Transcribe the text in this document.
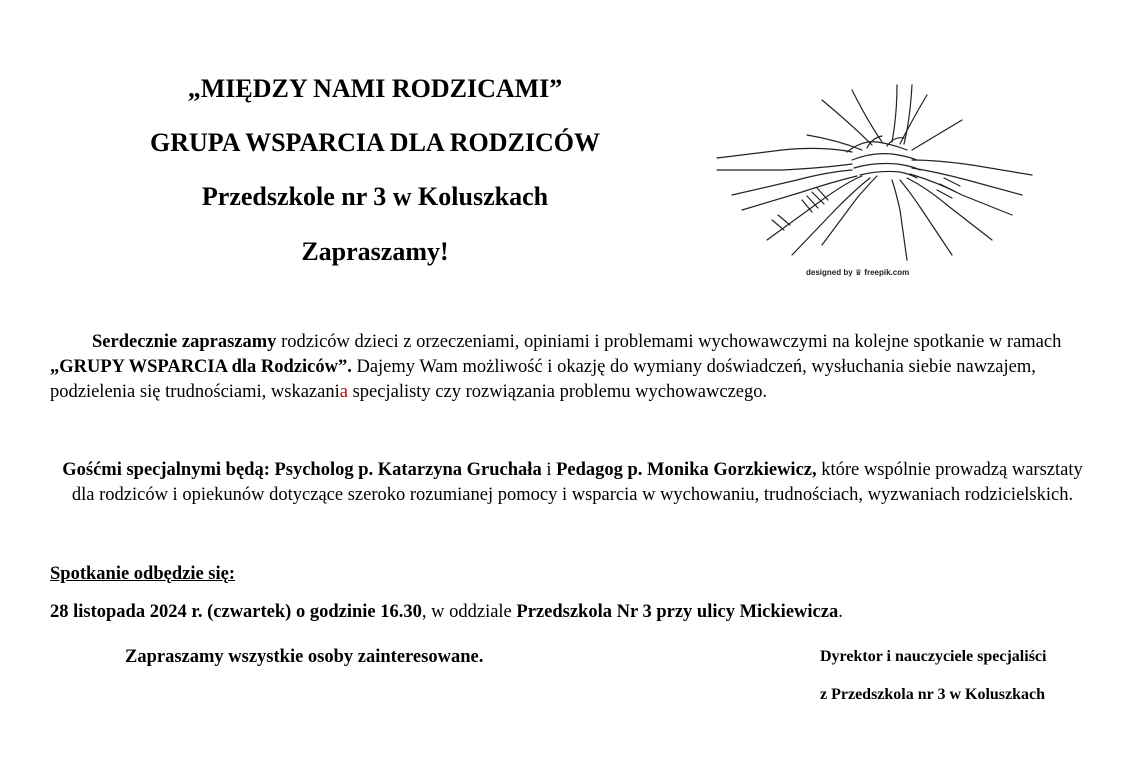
„MIĘDZY NAMI RODZICAMI”
GRUPA WSPARCIA DLA RODZICÓW
Przedszkole nr 3 w Koluszkach
Zapraszamy!
designed by ♛ freepik.com
Serdecznie zapraszamy rodziców dzieci z orzeczeniami, opiniami i problemami wychowawczymi na kolejne spotkanie w ramach „GRUPY WSPARCIA dla Rodziców”. Dajemy Wam możliwość i okazję do wymiany doświadczeń, wysłuchania siebie nawzajem, podzielenia się trudnościami, wskazania specjalisty czy rozwiązania problemu wychowawczego.
Gośćmi specjalnymi będą: Psycholog p. Katarzyna Gruchała i Pedagog p. Monika Gorzkiewicz, które wspólnie prowadzą warsztaty dla rodziców i opiekunów dotyczące szeroko rozumianej pomocy i wsparcia w wychowaniu, trudnościach, wyzwaniach rodzicielskich.
Spotkanie odbędzie się:
28 listopada 2024 r. (czwartek) o godzinie 16.30, w oddziale Przedszkola Nr 3 przy ulicy Mickiewicza.
Zapraszamy wszystkie osoby zainteresowane.	Dyrektor i nauczyciele specjaliści
z Przedszkola nr 3 w Koluszkach
